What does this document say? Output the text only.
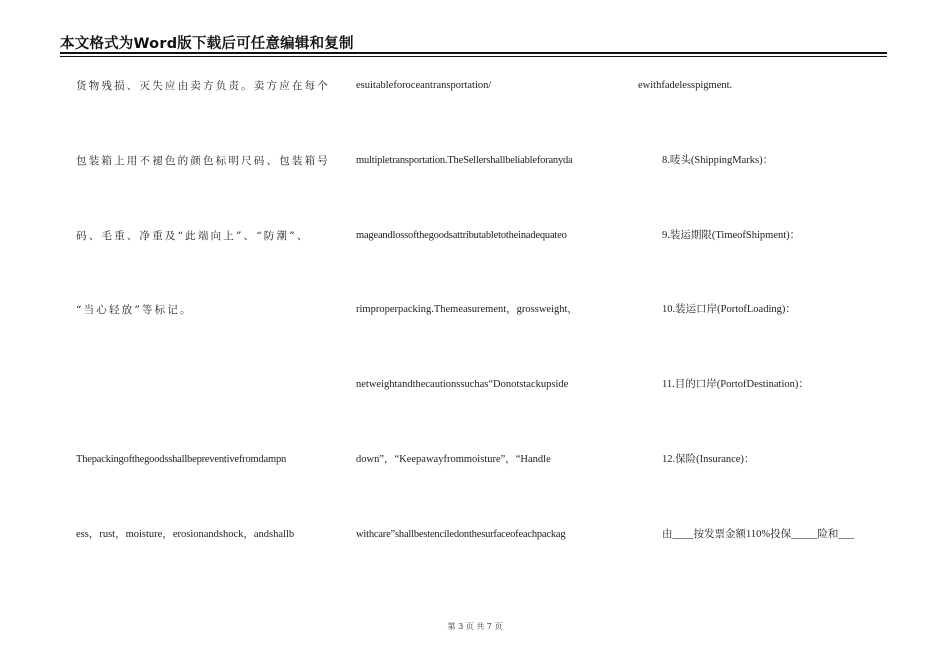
本文格式为Word版下载后可任意编辑和复制
货物残损、灭失应由卖方负责。卖方应在每个
包装箱上用不褪色的颜色标明尺码、包装箱号
码、毛重、净重及“此端向上”、“防潮”、
“当心轻放”等标记。
Thepackingofthegoodsshallbepreventivefromdampn
ess，rust，moisture，erosionandshock，andshallb
esuitableforoceantransportation/
multipletransportation.TheSellershallbeliableforanyda
mageandlossofthegoodsattributabletotheinadequateo
rimproperpacking.Themeasurement，grossweight，
netweightandthecautionssuchas“Donotstackupside
down”，“Keepawayfrommoisture”，“Handle
withcare”shallbestenciledonthesurfaceofeachpackag
ewithfadelesspigment.
8.唛头(ShippingMarks)：
9.装运期限(TimeofShipment)：
10.装运口岸(PortofLoading)：
11.目的口岸(PortofDestination)：
12.保险(Insurance)：
由____按发票金额110%投保_____险和___
第 3 页 共 7 页
